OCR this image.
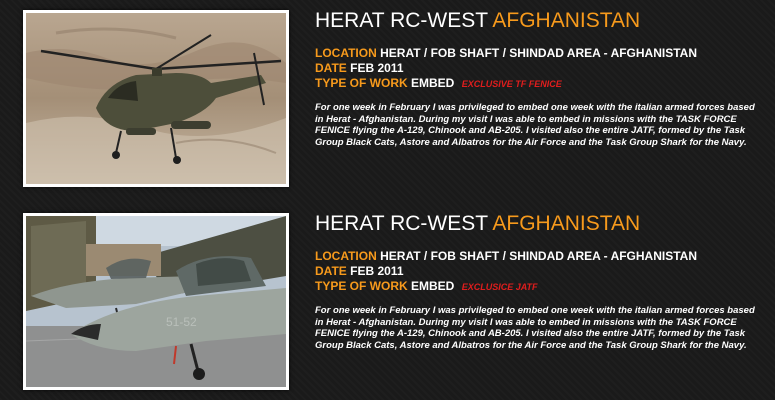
HERAT RC-WEST AFGHANISTAN
LOCATION HERAT / FOB SHAFT / SHINDAD AREA - AFGHANISTAN
DATE FEB 2011
TYPE OF WORK EMBED EXCLUSIVE TF FENICE

For one week in February I was privileged to embed one week with the italian armed forces based in Herat - Afghanistan. During my visit I was able to embed in missions with the TASK FORCE FENICE flying the A-129, Chinook and AB-205. I visited also the entire JATF, formed by the Task Group Black Cats, Astore and Albatros for the Air Force and the Task Group Shark for the Navy.

51-52
HERAT RC-WEST AFGHANISTAN
LOCATION HERAT / FOB SHAFT / SHINDAD AREA - AFGHANISTAN
DATE FEB 2011
TYPE OF WORK EMBED EXCLUSICE JATF

For one week in February I was privileged to embed one week with the italian armed forces based in Herat - Afghanistan. During my visit I was able to embed in missions with the TASK FORCE FENICE flying the A-129, Chinook and AB-205. I visited also the entire JATF, formed by the Task Group Black Cats, Astore and Albatros for the Air Force and the Task Group Shark for the Navy.
